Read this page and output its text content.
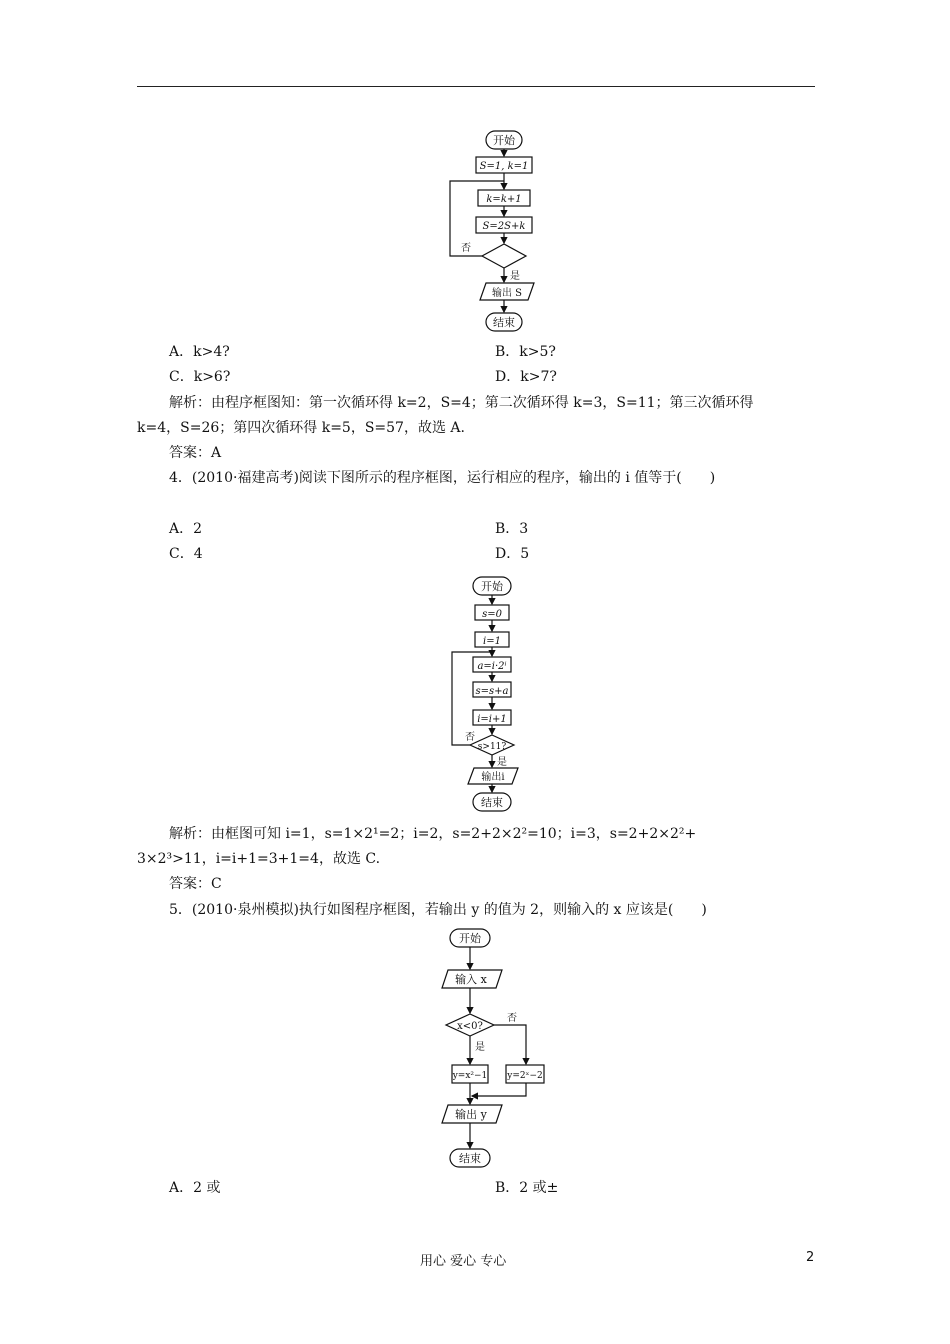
开始
S=1, k=1
k=k+1
S=2S+k
否
是
输出 S
结束
A．k>4?	B．k>5?
C．k>6?	D．k>7?
解析：由程序框图知：第一次循环得 k=2，S=4；第二次循环得 k=3，S=11；第三次循环得
k=4，S=26；第四次循环得 k=5，S=57，故选 A.
答案：A
4．(2010·福建高考)阅读下图所示的程序框图，运行相应的程序，输出的 i 值等于(　　)
A．2	B．3
C．4	D．5
开始
s=0
i=1
a=i·2ⁱ
s=s+a
i=i+1
s>11?
否
是
输出i
结束
解析：由框图可知 i=1，s=1×2¹=2；i=2，s=2+2×2²=10；i=3，s=2+2×2²+
3×2³>11，i=i+1=3+1=4，故选 C.
答案：C
5．(2010·泉州模拟)执行如图程序框图，若输出 y 的值为 2，则输入的 x 应该是(　　)
开始
输入 x
x<0?
否
是
y=x²−1 y=2ˣ−2
输出 y
结束
A．2 或	B．2 或±
用心 爱心 专心	2
